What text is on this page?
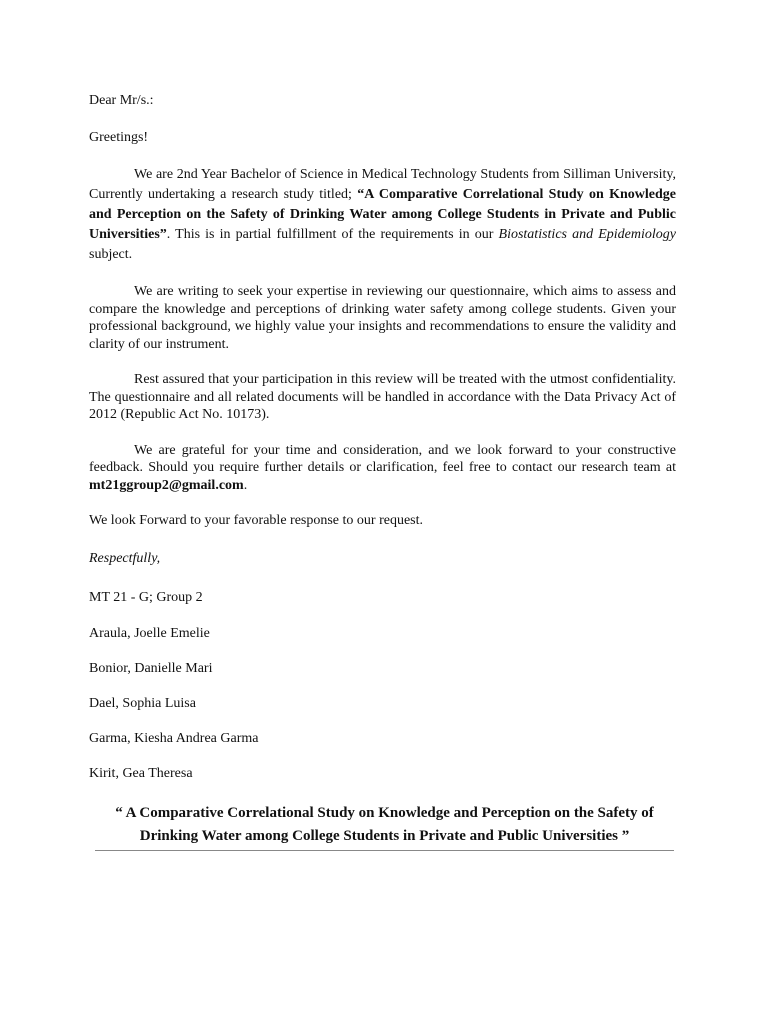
Dear Mr/s.:

Greetings!

We are 2nd Year Bachelor of Science in Medical Technology Students from Silliman University, Currently undertaking a research study titled; “A Comparative Correlational Study on Knowledge and Perception on the Safety of Drinking Water among College Students in Private and Public Universities”. This is in partial fulfillment of the requirements in our Biostatistics and Epidemiology subject.

We are writing to seek your expertise in reviewing our questionnaire, which aims to assess and compare the knowledge and perceptions of drinking water safety among college students. Given your professional background, we highly value your insights and recommendations to ensure the validity and clarity of our instrument.

Rest assured that your participation in this review will be treated with the utmost confidentiality. The questionnaire and all related documents will be handled in accordance with the Data Privacy Act of 2012 (Republic Act No. 10173).

We are grateful for your time and consideration, and we look forward to your constructive feedback. Should you require further details or clarification, feel free to contact our research team at mt21ggroup2@gmail.com.

We look Forward to your favorable response to our request.

Respectfully,

MT 21 - G; Group 2

Araula, Joelle Emelie

Bonior, Danielle Mari

Dael, Sophia Luisa

Garma, Kiesha Andrea Garma

Kirit, Gea Theresa

“ A Comparative Correlational Study on Knowledge and Perception on the Safety of Drinking Water among College Students in Private and Public Universities ”
